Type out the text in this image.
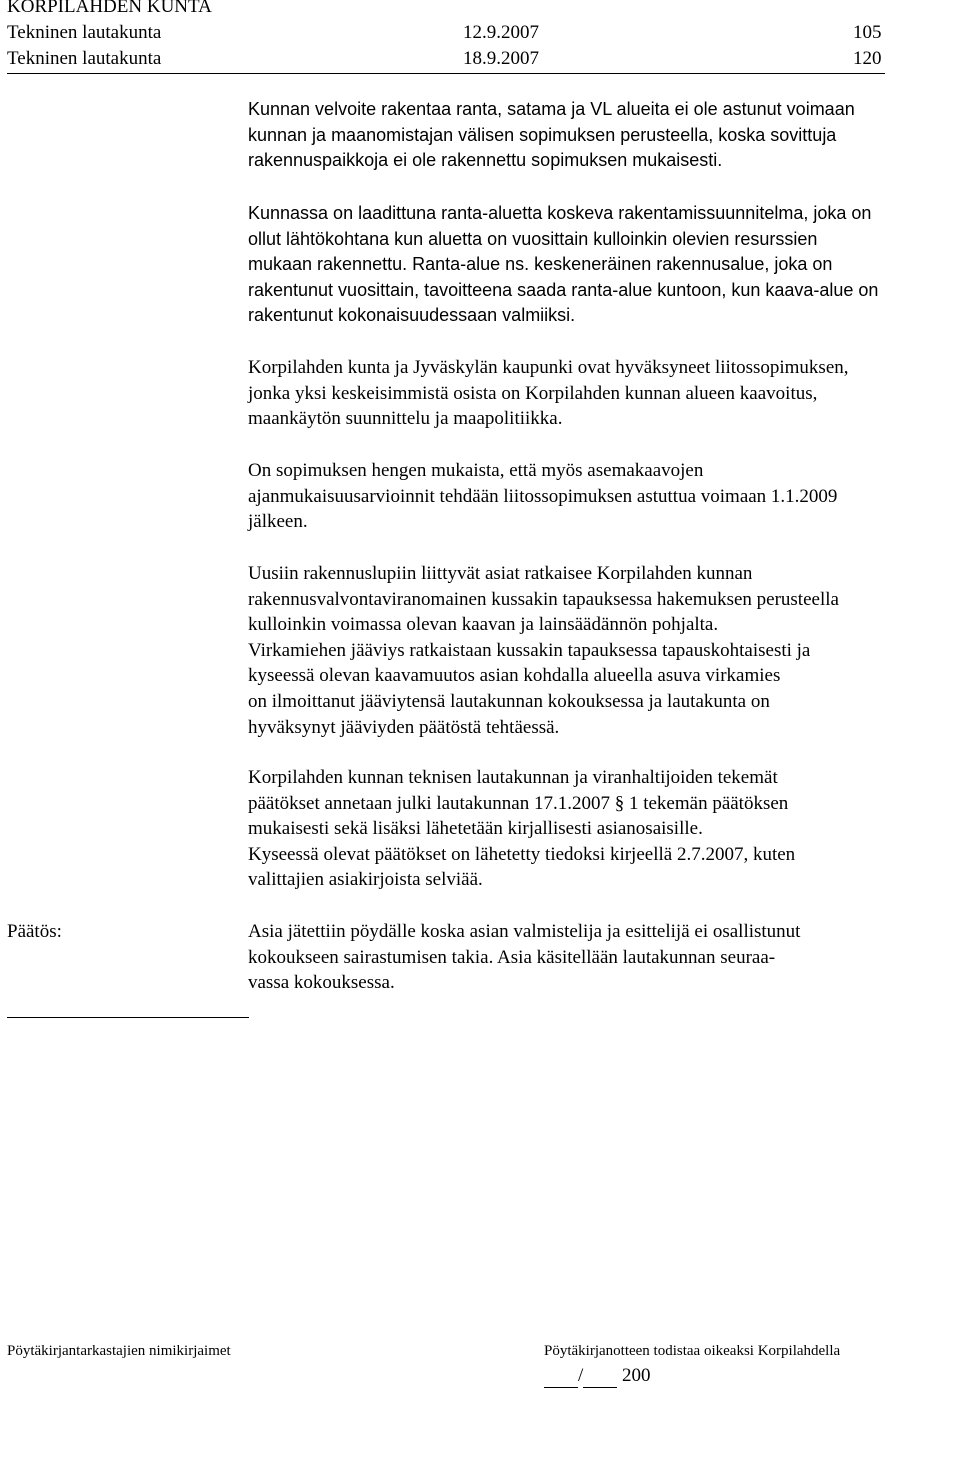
KORPILAHDEN KUNTA
Tekninen lautakunta	12.9.2007	105
Tekninen lautakunta	18.9.2007	120
Kunnan velvoite rakentaa ranta, satama ja VL alueita ei ole astunut voimaan
kunnan ja maanomistajan välisen sopimuksen perusteella, koska sovittuja
rakennuspaikkoja ei ole rakennettu sopimuksen mukaisesti.
Kunnassa on laadittuna ranta-aluetta koskeva rakentamissuunnitelma, joka on
ollut lähtökohtana kun aluetta on vuosittain kulloinkin olevien resurssien
mukaan rakennettu. Ranta-alue ns. keskeneräinen rakennusalue, joka on
rakentunut vuosittain, tavoitteena saada ranta-alue kuntoon, kun kaava-alue on
rakentunut kokonaisuudessaan valmiiksi.
Korpilahden kunta ja Jyväskylän kaupunki ovat hyväksyneet liitossopimuksen,
jonka yksi keskeisimmistä osista on Korpilahden kunnan alueen kaavoitus,
maankäytön suunnittelu ja maapolitiikka.
On sopimuksen hengen mukaista, että myös asemakaavojen
ajanmukaisuusarvioinnit tehdään liitossopimuksen astuttua voimaan 1.1.2009
jälkeen.
Uusiin rakennuslupiin liittyvät asiat ratkaisee Korpilahden kunnan
rakennusvalvontaviranomainen kussakin tapauksessa hakemuksen perusteella
kulloinkin voimassa olevan kaavan ja lainsäädännön pohjalta.
Virkamiehen jääviys ratkaistaan kussakin tapauksessa tapauskohtaisesti ja
kyseessä olevan kaavamuutos asian kohdalla alueella asuva virkamies
on ilmoittanut jääviytensä lautakunnan kokouksessa ja lautakunta on
hyväksynyt jääviyden päätöstä tehtäessä.
Korpilahden kunnan teknisen lautakunnan ja viranhaltijoiden tekemät
päätökset annetaan julki lautakunnan 17.1.2007 § 1 tekemän päätöksen
mukaisesti sekä lisäksi lähetetään kirjallisesti asianosaisille.
Kyseessä olevat päätökset on lähetetty tiedoksi kirjeellä 2.7.2007, kuten
valittajien asiakirjoista selviää.
Päätös:	Asia jätettiin pöydälle koska asian valmistelija ja esittelijä ei osallistunut
kokoukseen sairastumisen takia. Asia käsitellään lautakunnan seuraa-
vassa kokouksessa.
Pöytäkirjantarkastajien nimikirjaimet	Pöytäkirjanotteen todistaa oikeaksi Korpilahdella
/ 200
